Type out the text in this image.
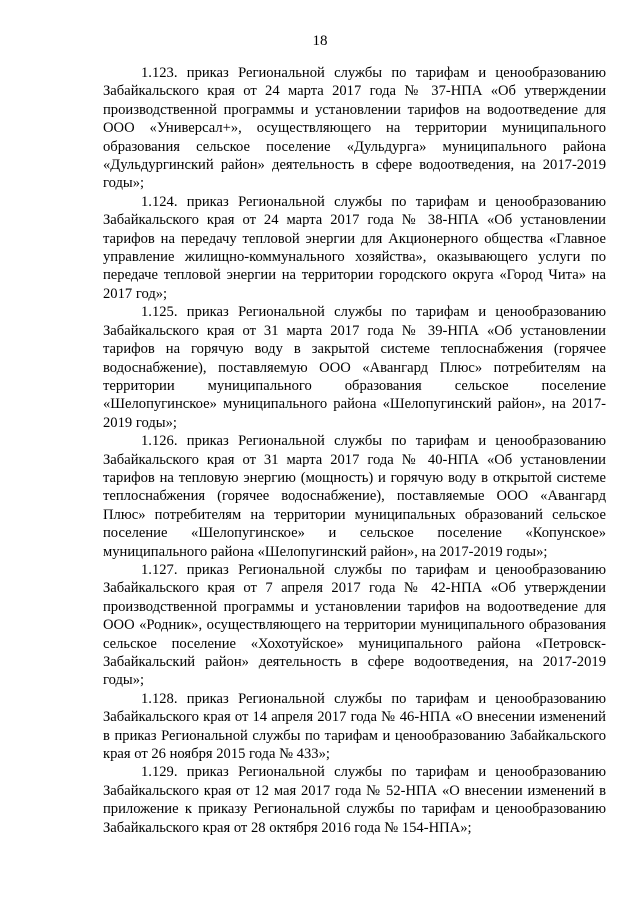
18

1.123. приказ Региональной службы по тарифам и ценообразованию Забайкальского края от 24 марта 2017 года № 37-НПА «Об утверждении производственной программы и установлении тарифов на водоотведение для ООО «Универсал+», осуществляющего на территории муниципального образования сельское поселение «Дульдурга» муниципального района «Дульдургинский район» деятельность в сфере водоотведения, на 2017-2019 годы»;

1.124. приказ Региональной службы по тарифам и ценообразованию Забайкальского края от 24 марта 2017 года № 38-НПА «Об установлении тарифов на передачу тепловой энергии для Акционерного общества «Главное управление жилищно-коммунального хозяйства», оказывающего услуги по передаче тепловой энергии на территории городского округа «Город Чита» на 2017 год»;

1.125. приказ Региональной службы по тарифам и ценообразованию Забайкальского края от 31 марта 2017 года № 39-НПА «Об установлении тарифов на горячую воду в закрытой системе теплоснабжения (горячее водоснабжение), поставляемую ООО «Авангард Плюс» потребителям на территории муниципального образования сельское поселение «Шелопугинское» муниципального района «Шелопугинский район», на 2017-2019 годы»;

1.126. приказ Региональной службы по тарифам и ценообразованию Забайкальского края от 31 марта 2017 года № 40-НПА «Об установлении тарифов на тепловую энергию (мощность) и горячую воду в открытой системе теплоснабжения (горячее водоснабжение), поставляемые ООО «Авангард Плюс» потребителям на территории муниципальных образований сельское поселение «Шелопугинское» и сельское поселение «Копунское» муниципального района «Шелопугинский район», на 2017-2019 годы»;

1.127. приказ Региональной службы по тарифам и ценообразованию Забайкальского края от 7 апреля 2017 года № 42-НПА «Об утверждении производственной программы и установлении тарифов на водоотведение для ООО «Родник», осуществляющего на территории муниципального образования сельское поселение «Хохотуйское» муниципального района «Петровск-Забайкальский район» деятельность в сфере водоотведения, на 2017-2019 годы»;

1.128. приказ Региональной службы по тарифам и ценообразованию Забайкальского края от 14 апреля 2017 года № 46-НПА «О внесении изменений в приказ Региональной службы по тарифам и ценообразованию Забайкальского края от 26 ноября 2015 года № 433»;

1.129. приказ Региональной службы по тарифам и ценообразованию Забайкальского края от 12 мая 2017 года № 52-НПА «О внесении изменений в приложение к приказу Региональной службы по тарифам и ценообразованию Забайкальского края от 28 октября 2016 года № 154-НПА»;
